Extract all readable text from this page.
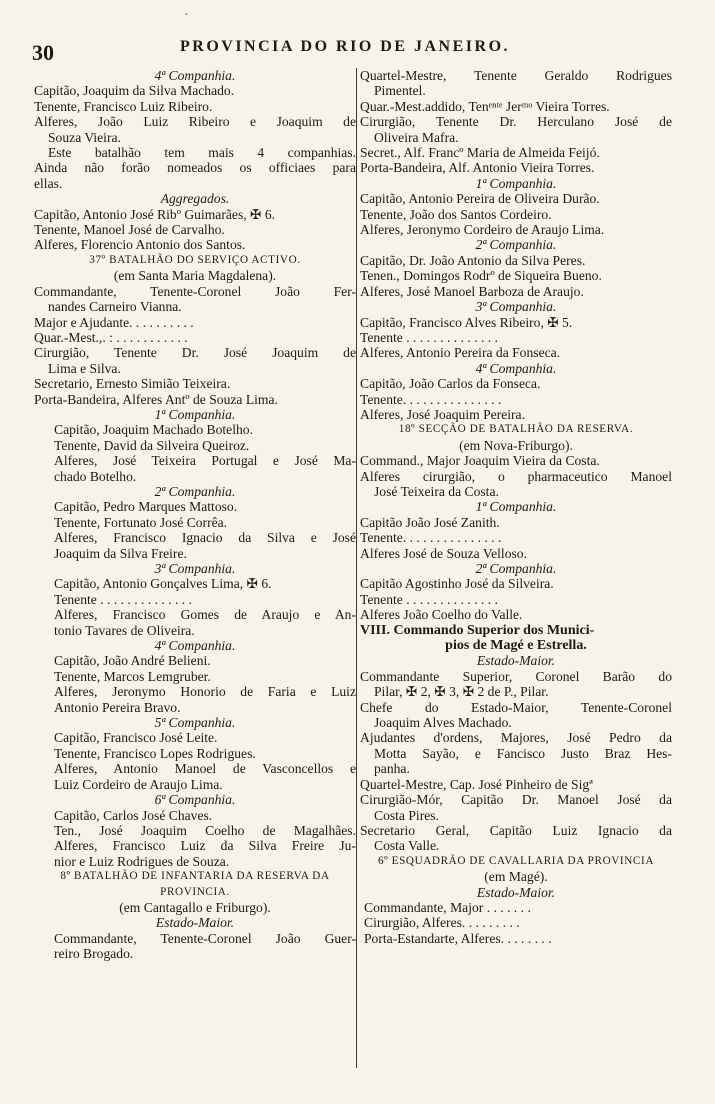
30	PROVINCIA DO RIO DE JANEIRO.
·
4ª Companhia.
Capitão, Joaquim da Silva Machado.
Tenente, Francisco Luiz Ribeiro.
Alferes, João Luiz Ribeiro e Joaquim de
Souza Vieira.
Este batalhão tem mais 4 companhias.
Ainda não forão nomeados os officiaes para
ellas.
Aggregados.
Capitão, Antonio José Ribº Guimarães, ✠ 6.
Tenente, Manoel José de Carvalho.
Alferes, Florencio Antonio dos Santos.
37º BATALHÃO DO SERVIÇO ACTIVO.
(em Santa Maria Magdalena).
Commandante, Tenente-Coronel João Fer-
nandes Carneiro Vianna.
Major e Ajudante. . . . . . . . . .
Quar.-Mest.,. : . . . . . . . . . . .
Cirurgião, Tenente Dr. José Joaquim de
Lima e Silva.
Secretario, Ernesto Simião Teixeira.
Porta-Bandeira, Alferes Antº de Souza Lima.
1ª Companhia.
Capitão, Joaquim Machado Botelho.
Tenente, David da Silveira Queiroz.
Alferes, José Teixeira Portugal e José Ma-
chado Botelho.
2ª Companhia.
Capitão, Pedro Marques Mattoso.
Tenente, Fortunato José Corrêa.
Alferes, Francisco Ignacio da Silva e José
Joaquim da Silva Freire.
3ª Companhia.
Capitão, Antonio Gonçalves Lima, ✠ 6.
Tenente . . . . . . . . . . . . . .
Alferes, Francisco Gomes de Araujo e An-
tonio Tavares de Oliveira.
4ª Companhia.
Capitão, João André Belieni.
Tenente, Marcos Lemgruber.
Alferes, Jeronymo Honorio de Faria e Luiz
Antonio Pereira Bravo.
5ª Companhia.
Capitão, Francisco José Leite.
Tenente, Francisco Lopes Rodrigues.
Alferes, Antonio Manoel de Vasconcellos e
Luiz Cordeiro de Araujo Lima.
6ª Companhia.
Capitão, Carlos José Chaves.
Ten., José Joaquim Coelho de Magalhães.
Alferes, Francisco Luiz da Silva Freire Ju-
nior e Luiz Rodrigues de Souza.
8º BATALHÃO DE INFANTARIA DA RESERVA DA
PROVINCIA.
(em Cantagallo e Friburgo).
Estado-Maior.
Commandante, Tenente-Coronel João Guer-
reiro Brogado.
Quartel-Mestre, Tenente Geraldo Rodrigues
Pimentel.
Quar.-Mest.addido, Tenᵉⁿᵗᵉ Jerᵐᵒ Vieira Torres.
Cirurgião, Tenente Dr. Herculano José de
Oliveira Mafra.
Secret., Alf. Francº Maria de Almeida Feijó.
Porta-Bandeira, Alf. Antonio Vieira Torres.
1ª Companhia.
Capitão, Antonio Pereira de Oliveira Durão.
Tenente, João dos Santos Cordeiro.
Alferes, Jeronymo Cordeiro de Araujo Lima.
2ª Companhia.
Capitão, Dr. João Antonio da Silva Peres.
Tenen., Domingos Rodrº de Siqueira Bueno.
Alferes, José Manoel Barboza de Araujo.
3ª Companhia.
Capitão, Francisco Alves Ribeiro, ✠ 5.
Tenente . . . . . . . . . . . . . .
Alferes, Antonio Pereira da Fonseca.
4ª Companhia.
Capitão, João Carlos da Fonseca.
Tenente. . . . . . . . . . . . . . .
Alferes, José Joaquim Pereira.
18º SECÇÃO DE BATALHÃO DA RESERVA.
(em Nova-Friburgo).
Command., Major Joaquim Vieira da Costa.
Alferes cirurgião, o pharmaceutico Manoel
José Teixeira da Costa.
1ª Companhia.
Capitão João José Zanith.
Tenente. . . . . . . . . . . . . . .
Alferes José de Souza Velloso.
2ª Companhia.
Capitão Agostinho José da Silveira.
Tenente . . . . . . . . . . . . . .
Alferes João Coelho do Valle.
VIII. Commando Superior dos Munici-
pios de Magé e Estrella.
Estado-Maior.
Commandante Superior, Coronel Barão do
Pilar, ✠ 2, ✠ 3, ✠ 2 de P., Pilar.
Chefe do Estado-Maior, Tenente-Coronel
Joaquim Alves Machado.
Ajudantes d'ordens, Majores, José Pedro da
Motta Sayão, e Fancisco Justo Braz Hes-
panha.
Quartel-Mestre, Cap. José Pinheiro de Sigª
Cirurgião-Mór, Capitão Dr. Manoel José da
Costa Pires.
Secretario Geral, Capitão Luiz Ignacio da
Costa Valle.
6º ESQUADRÃO DE CAVALLARIA DA PROVINCIA
(em Magé).
Estado-Maior.
Commandante, Major . . . . . . .
Cirurgião, Alferes. . . . . . . . .
Porta-Estandarte, Alferes. . . . . . . .
